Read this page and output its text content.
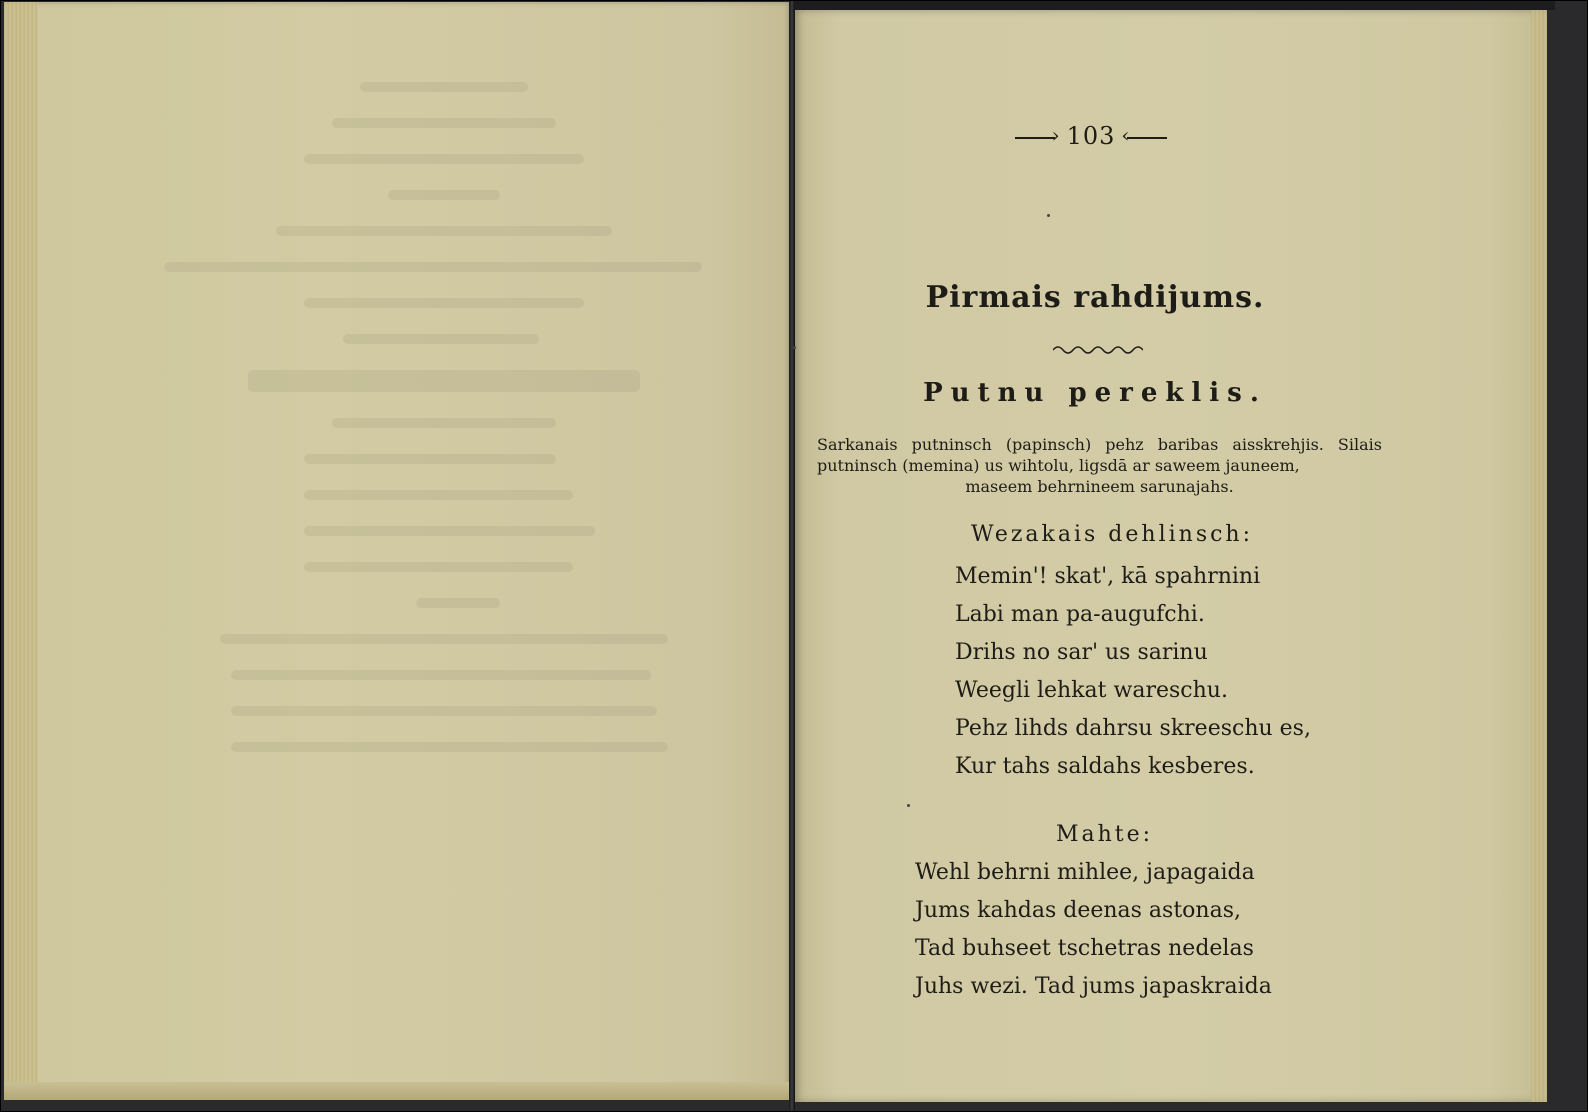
›103‹
Pirmais rahdijums.
Putnu pereklis.
Sarkanais putninsch (papinsch) pehz baribas aisskrehjis. Silais putninsch (memina) us wihtolu, ligsdā ar saweem jauneem,
maseem behrnineem sarunajahs.
Wezakais dehlinsch:
Memin'! skat', kā spahrnini
Labi man pa-augufchi.
Drihs no sar' us sarinu
Weegli lehkat wareschu.
Pehz lihds dahrsu skreeschu es,
Kur tahs saldahs kesberes.
Mahte:
Wehl behrni mihlee, japagaida
Jums kahdas deenas astonas,
Tad buhseet tschetras nedelas
Juhs wezi. Tad jums japaskraida
